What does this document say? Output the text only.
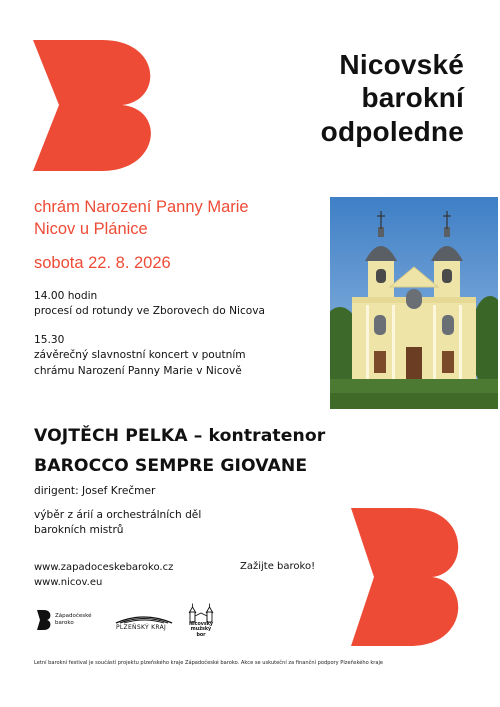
Nicovské
barokní
odpoledne
chrám Narození Panny Marie
Nicov u Plánice
sobota 22. 8. 2026
14.00 hodin
procesí od rotundy ve Zborovech do Nicova
15.30
závěrečný slavnostní koncert v poutním
chrámu Narození Panny Marie v Nicově
VOJTĚCH PELKA – kontratenor
BAROCCO SEMPRE GIOVANE
dirigent: Josef Krečmer
výběr z árií a orchestrálních děl
barokních mistrů
www.zapadoceskebaroko.cz
www.nicov.eu
Zažijte baroko!
Západočeské
baroko
PLZEŇSKÝ KRAJ	Nicovský
mužský bor
Letní barokní festival je součástí projektu plzeňského kraje Západočeské baroko. Akce se uskuteční za finanční podpory Plzeňského kraje
